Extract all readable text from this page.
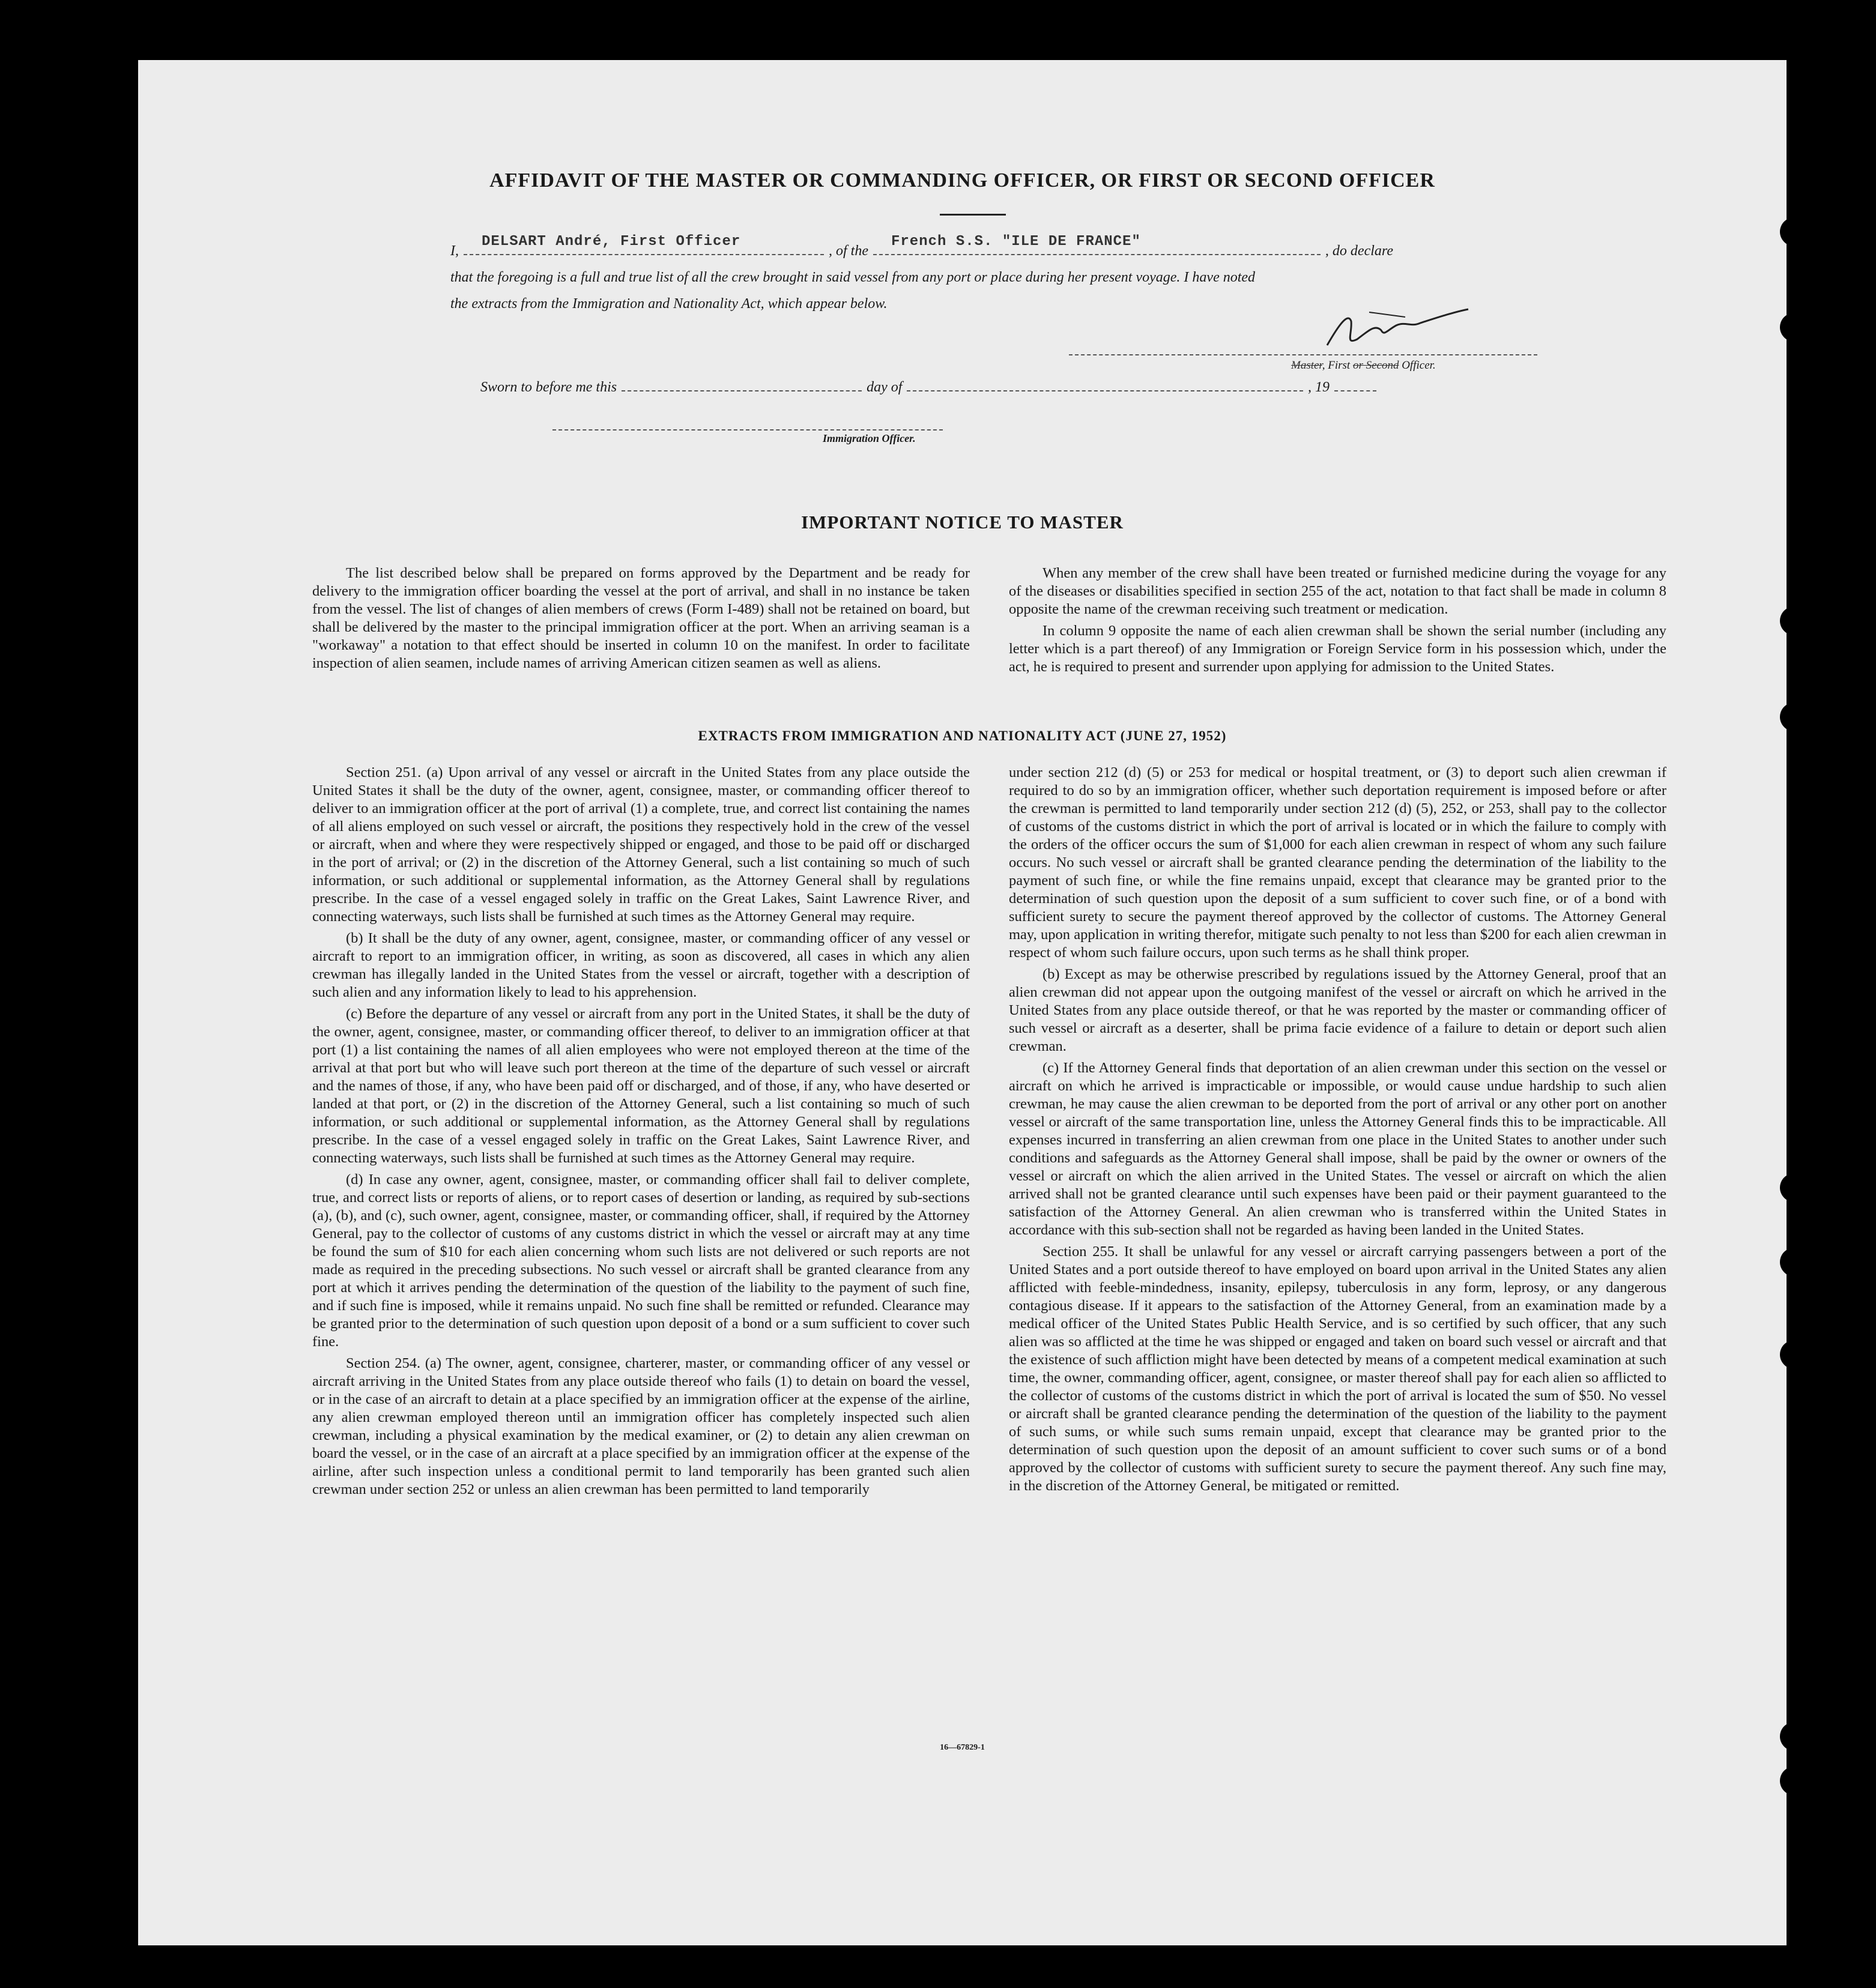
AFFIDAVIT OF THE MASTER OR COMMANDING OFFICER, OR FIRST OR SECOND OFFICER
I,
DELSART André, First Officer
, of the
French S.S. "ILE DE FRANCE"
, do declare
that the foregoing is a full and true list of all the crew brought in said vessel from any port or place during her present voyage. I have noted
the extracts from the Immigration and Nationality Act, which appear below.
Master, First or Second Officer.
Sworn to before me this	day of	, 19
Immigration Officer.
IMPORTANT NOTICE TO MASTER

The list described below shall be prepared on forms approved by the Department and be ready for delivery to the immigration officer boarding the vessel at the port of arrival, and shall in no instance be taken from the vessel. The list of changes of alien members of crews (Form I-489) shall not be retained on board, but shall be delivered by the master to the principal immigration officer at the port. When an arriving seaman is a "workaway" a notation to that effect should be inserted in column 10 on the manifest. In order to facilitate inspection of alien seamen, include names of arriving American citizen seamen as well as aliens.

When any member of the crew shall have been treated or furnished medicine during the voyage for any of the diseases or disabilities specified in section 255 of the act, notation to that fact shall be made in column 8 opposite the name of the crewman receiving such treatment or medication.

In column 9 opposite the name of each alien crewman shall be shown the serial number (including any letter which is a part thereof) of any Immigration or Foreign Service form in his possession which, under the act, he is required to present and surrender upon applying for admission to the United States.

EXTRACTS FROM IMMIGRATION AND NATIONALITY ACT (JUNE 27, 1952)

Section 251. (a) Upon arrival of any vessel or aircraft in the United States from any place outside the United States it shall be the duty of the owner, agent, consignee, master, or commanding officer thereof to deliver to an immigration officer at the port of arrival (1) a complete, true, and correct list containing the names of all aliens employed on such vessel or aircraft, the positions they respectively hold in the crew of the vessel or aircraft, when and where they were respectively shipped or engaged, and those to be paid off or discharged in the port of arrival; or (2) in the discretion of the Attorney General, such a list containing so much of such information, or such additional or supplemental information, as the Attorney General shall by regulations prescribe. In the case of a vessel engaged solely in traffic on the Great Lakes, Saint Lawrence River, and connecting waterways, such lists shall be furnished at such times as the Attorney General may require.

(b) It shall be the duty of any owner, agent, consignee, master, or commanding officer of any vessel or aircraft to report to an immigration officer, in writing, as soon as discovered, all cases in which any alien crewman has illegally landed in the United States from the vessel or aircraft, together with a description of such alien and any information likely to lead to his apprehension.

(c) Before the departure of any vessel or aircraft from any port in the United States, it shall be the duty of the owner, agent, consignee, master, or commanding officer thereof, to deliver to an immigration officer at that port (1) a list containing the names of all alien employees who were not employed thereon at the time of the arrival at that port but who will leave such port thereon at the time of the departure of such vessel or aircraft and the names of those, if any, who have been paid off or discharged, and of those, if any, who have deserted or landed at that port, or (2) in the discretion of the Attorney General, such a list containing so much of such information, or such additional or supplemental information, as the Attorney General shall by regulations prescribe. In the case of a vessel engaged solely in traffic on the Great Lakes, Saint Lawrence River, and connecting waterways, such lists shall be furnished at such times as the Attorney General may require.

(d) In case any owner, agent, consignee, master, or commanding officer shall fail to deliver complete, true, and correct lists or reports of aliens, or to report cases of desertion or landing, as required by sub-sections (a), (b), and (c), such owner, agent, consignee, master, or commanding officer, shall, if required by the Attorney General, pay to the collector of customs of any customs district in which the vessel or aircraft may at any time be found the sum of $10 for each alien concerning whom such lists are not delivered or such reports are not made as required in the preceding subsections. No such vessel or aircraft shall be granted clearance from any port at which it arrives pending the determination of the question of the liability to the payment of such fine, and if such fine is imposed, while it remains unpaid. No such fine shall be remitted or refunded. Clearance may be granted prior to the determination of such question upon deposit of a bond or a sum sufficient to cover such fine.

Section 254. (a) The owner, agent, consignee, charterer, master, or commanding officer of any vessel or aircraft arriving in the United States from any place outside thereof who fails (1) to detain on board the vessel, or in the case of an aircraft to detain at a place specified by an immigration officer at the expense of the airline, any alien crewman employed thereon until an immigration officer has completely inspected such alien crewman, including a physical examination by the medical examiner, or (2) to detain any alien crewman on board the vessel, or in the case of an aircraft at a place specified by an immigration officer at the expense of the airline, after such inspection unless a conditional permit to land temporarily has been granted such alien crewman under section 252 or unless an alien crewman has been permitted to land temporarily

under section 212 (d) (5) or 253 for medical or hospital treatment, or (3) to deport such alien crewman if required to do so by an immigration officer, whether such deportation requirement is imposed before or after the crewman is permitted to land temporarily under section 212 (d) (5), 252, or 253, shall pay to the collector of customs of the customs district in which the port of arrival is located or in which the failure to comply with the orders of the officer occurs the sum of $1,000 for each alien crewman in respect of whom any such failure occurs. No such vessel or aircraft shall be granted clearance pending the determination of the liability to the payment of such fine, or while the fine remains unpaid, except that clearance may be granted prior to the determination of such question upon the deposit of a sum sufficient to cover such fine, or of a bond with sufficient surety to secure the payment thereof approved by the collector of customs. The Attorney General may, upon application in writing therefor, mitigate such penalty to not less than $200 for each alien crewman in respect of whom such failure occurs, upon such terms as he shall think proper.

(b) Except as may be otherwise prescribed by regulations issued by the Attorney General, proof that an alien crewman did not appear upon the outgoing manifest of the vessel or aircraft on which he arrived in the United States from any place outside thereof, or that he was reported by the master or commanding officer of such vessel or aircraft as a deserter, shall be prima facie evidence of a failure to detain or deport such alien crewman.

(c) If the Attorney General finds that deportation of an alien crewman under this section on the vessel or aircraft on which he arrived is impracticable or impossible, or would cause undue hardship to such alien crewman, he may cause the alien crewman to be deported from the port of arrival or any other port on another vessel or aircraft of the same transportation line, unless the Attorney General finds this to be impracticable. All expenses incurred in transferring an alien crewman from one place in the United States to another under such conditions and safeguards as the Attorney General shall impose, shall be paid by the owner or owners of the vessel or aircraft on which the alien arrived in the United States. The vessel or aircraft on which the alien arrived shall not be granted clearance until such expenses have been paid or their payment guaranteed to the satisfaction of the Attorney General. An alien crewman who is transferred within the United States in accordance with this sub-section shall not be regarded as having been landed in the United States.

Section 255. It shall be unlawful for any vessel or aircraft carrying passengers between a port of the United States and a port outside thereof to have employed on board upon arrival in the United States any alien afflicted with feeble-mindedness, insanity, epilepsy, tuberculosis in any form, leprosy, or any dangerous contagious disease. If it appears to the satisfaction of the Attorney General, from an examination made by a medical officer of the United States Public Health Service, and is so certified by such officer, that any such alien was so afflicted at the time he was shipped or engaged and taken on board such vessel or aircraft and that the existence of such affliction might have been detected by means of a competent medical examination at such time, the owner, commanding officer, agent, consignee, or master thereof shall pay for each alien so afflicted to the collector of customs of the customs district in which the port of arrival is located the sum of $50. No vessel or aircraft shall be granted clearance pending the determination of the question of the liability to the payment of such sums, or while such sums remain unpaid, except that clearance may be granted prior to the determination of such question upon the deposit of an amount sufficient to cover such sums or of a bond approved by the collector of customs with sufficient surety to secure the payment thereof. Any such fine may, in the discretion of the Attorney General, be mitigated or remitted.

16—67829-1
